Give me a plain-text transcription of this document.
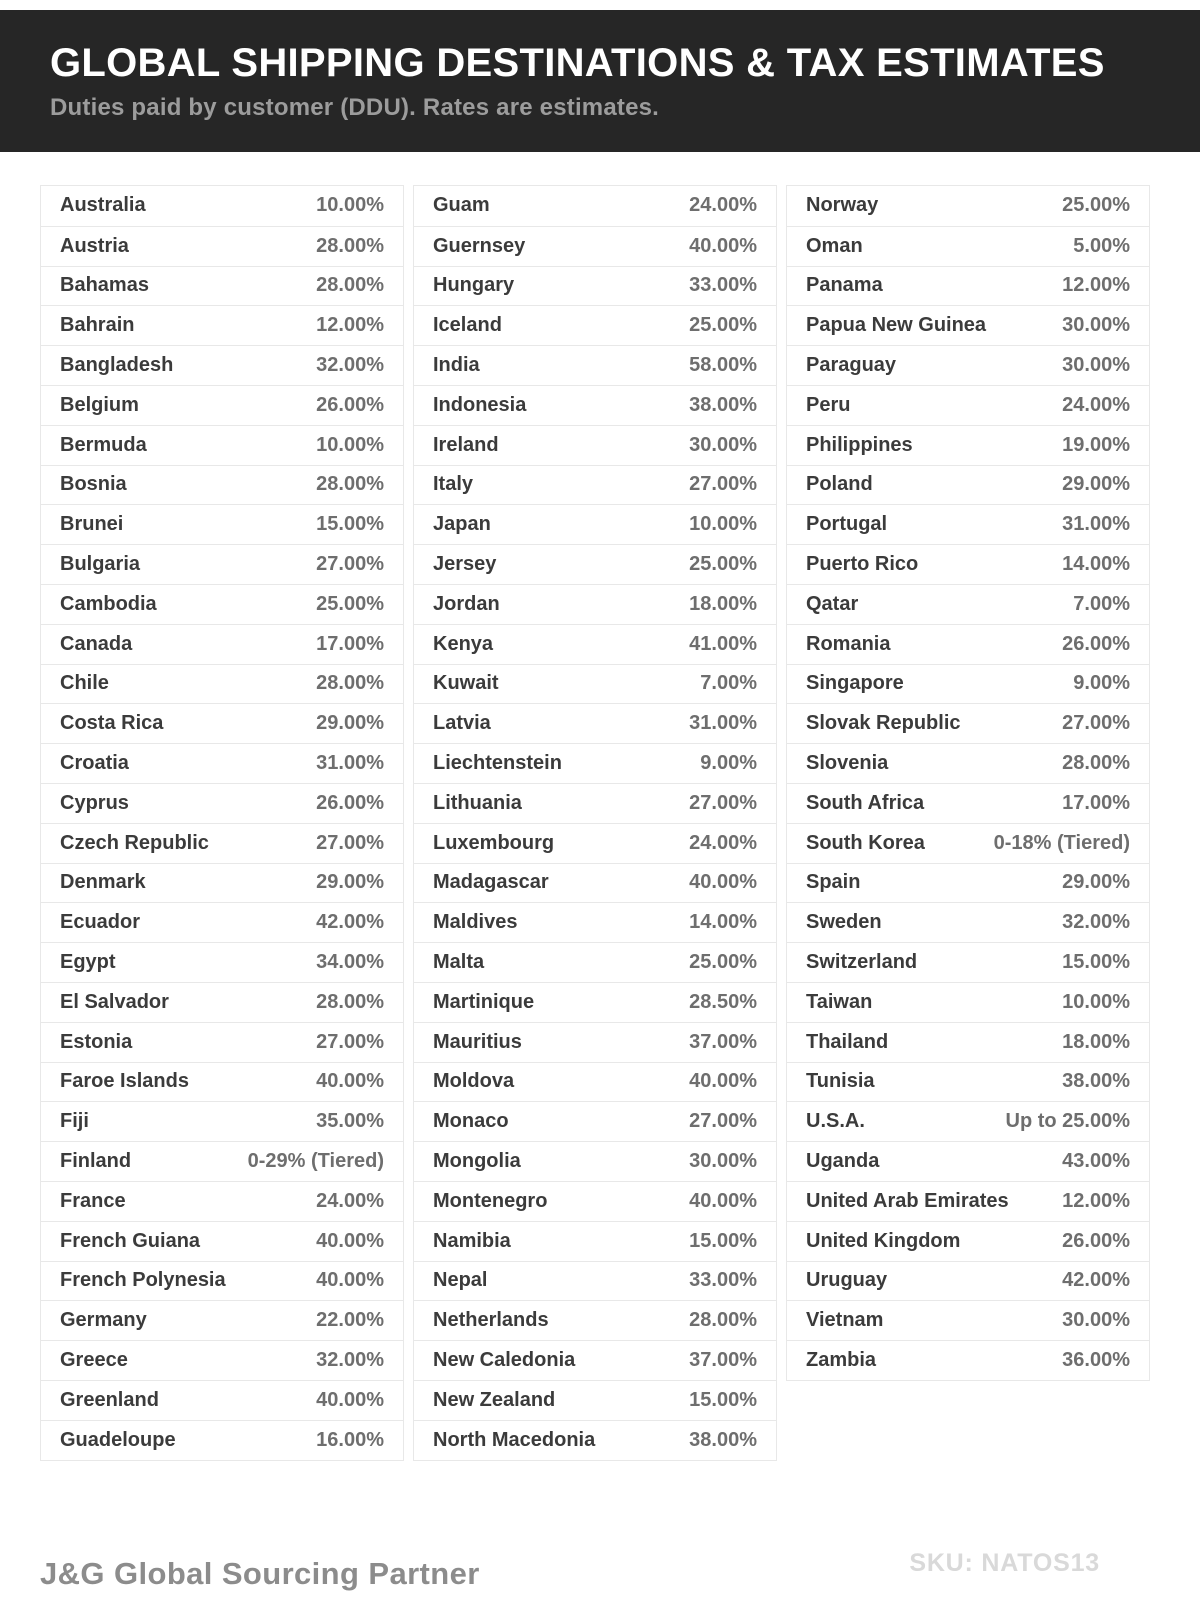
GLOBAL SHIPPING DESTINATIONS & TAX ESTIMATES

Duties paid by customer (DDU). Rates are estimates.

Australia	10.00%
Austria	28.00%
Bahamas	28.00%
Bahrain	12.00%
Bangladesh	32.00%
Belgium	26.00%
Bermuda	10.00%
Bosnia	28.00%
Brunei	15.00%
Bulgaria	27.00%
Cambodia	25.00%
Canada	17.00%
Chile	28.00%
Costa Rica	29.00%
Croatia	31.00%
Cyprus	26.00%
Czech Republic	27.00%
Denmark	29.00%
Ecuador	42.00%
Egypt	34.00%
El Salvador	28.00%
Estonia	27.00%
Faroe Islands	40.00%
Fiji	35.00%
Finland	0-29% (Tiered)
France	24.00%
French Guiana	40.00%
French Polynesia	40.00%
Germany	22.00%
Greece	32.00%
Greenland	40.00%
Guadeloupe	16.00%
Guam	24.00%
Guernsey	40.00%
Hungary	33.00%
Iceland	25.00%
India	58.00%
Indonesia	38.00%
Ireland	30.00%
Italy	27.00%
Japan	10.00%
Jersey	25.00%
Jordan	18.00%
Kenya	41.00%
Kuwait	7.00%
Latvia	31.00%
Liechtenstein	9.00%
Lithuania	27.00%
Luxembourg	24.00%
Madagascar	40.00%
Maldives	14.00%
Malta	25.00%
Martinique	28.50%
Mauritius	37.00%
Moldova	40.00%
Monaco	27.00%
Mongolia	30.00%
Montenegro	40.00%
Namibia	15.00%
Nepal	33.00%
Netherlands	28.00%
New Caledonia	37.00%
New Zealand	15.00%
North Macedonia	38.00%
Norway	25.00%
Oman	5.00%
Panama	12.00%
Papua New Guinea	30.00%
Paraguay	30.00%
Peru	24.00%
Philippines	19.00%
Poland	29.00%
Portugal	31.00%
Puerto Rico	14.00%
Qatar	7.00%
Romania	26.00%
Singapore	9.00%
Slovak Republic	27.00%
Slovenia	28.00%
South Africa	17.00%
South Korea	0-18% (Tiered)
Spain	29.00%
Sweden	32.00%
Switzerland	15.00%
Taiwan	10.00%
Thailand	18.00%
Tunisia	38.00%
U.S.A.	Up to 25.00%
Uganda	43.00%
United Arab Emirates	12.00%
United Kingdom	26.00%
Uruguay	42.00%
Vietnam	30.00%
Zambia	36.00%
J&G Global Sourcing Partner	SKU: NATOS13
